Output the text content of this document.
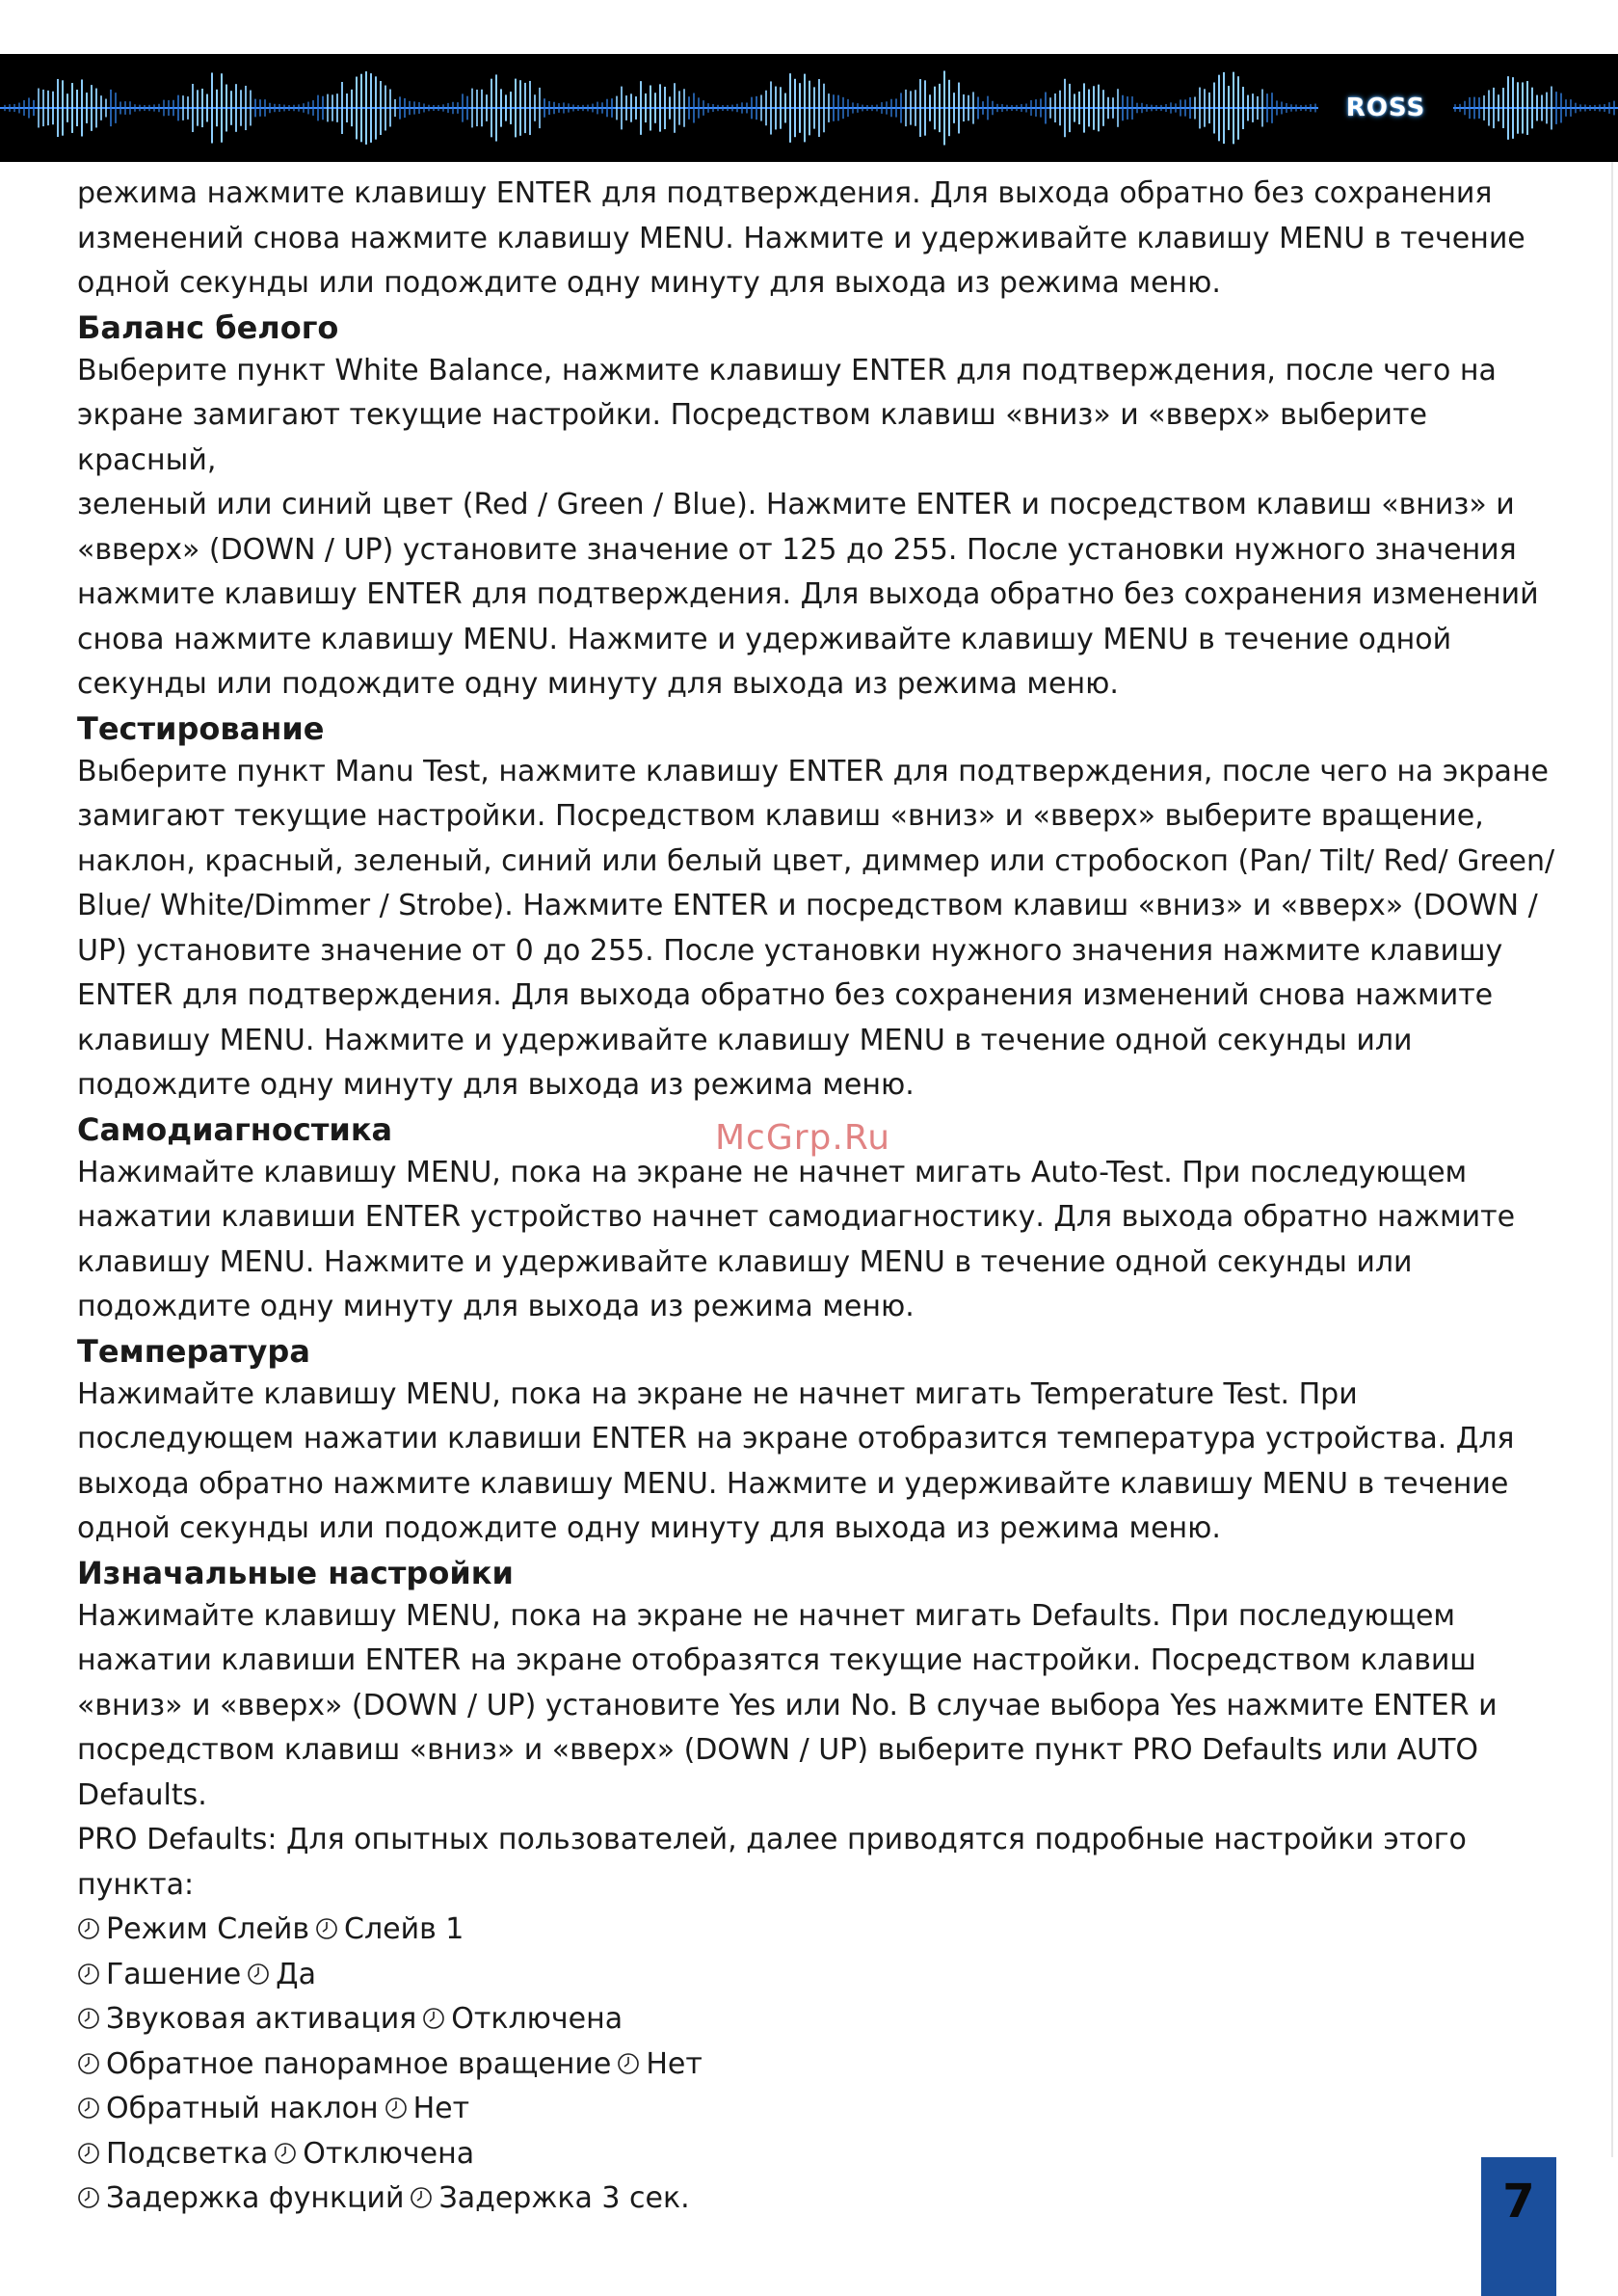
ROSS

режима нажмите клавишу ENTER для подтверждения. Для выхода обратно без сохранения

изменений снова нажмите клавишу MENU. Нажмите и удерживайте клавишу MENU в течение

одной секунды или подождите одну минуту для выхода из режима меню.

Баланс белого

Выберите пункт White Balance, нажмите клавишу ENTER для подтверждения, после чего на

экране замигают текущие настройки. Посредством клавиш «вниз» и «вверх» выберите красный,

зеленый или синий цвет (Red / Green / Blue). Нажмите ENTER и посредством клавиш «вниз» и

«вверх» (DOWN / UP) установите значение от 125 до 255. После установки нужного значения

нажмите клавишу ENTER для подтверждения. Для выхода обратно без сохранения изменений

снова нажмите клавишу MENU. Нажмите и удерживайте клавишу MENU в течение одной

секунды или подождите одну минуту для выхода из режима меню.

Тестирование

Выберите пункт Manu Test, нажмите клавишу ENTER для подтверждения, после чего на экране

замигают текущие настройки. Посредством клавиш «вниз» и «вверх» выберите вращение,

наклон, красный, зеленый, синий или белый цвет, диммер или стробоскоп (Pan/ Tilt/ Red/ Green/

Blue/ White/Dimmer / Strobe). Нажмите ENTER и посредством клавиш «вниз» и «вверх» (DOWN /

UP) установите значение от 0 до 255. После установки нужного значения нажмите клавишу

ENTER для подтверждения. Для выхода обратно без сохранения изменений снова нажмите

клавишу MENU. Нажмите и удерживайте клавишу MENU в течение одной секунды или

подождите одну минуту для выхода из режима меню.

Самодиагностика

Нажимайте клавишу MENU, пока на экране не начнет мигать Auto-Test. При последующем

нажатии клавиши ENTER устройство начнет самодиагностику. Для выхода обратно нажмите

клавишу MENU. Нажмите и удерживайте клавишу MENU в течение одной секунды или

подождите одну минуту для выхода из режима меню.

Температура

Нажимайте клавишу MENU, пока на экране не начнет мигать Temperature Test. При

последующем нажатии клавиши ENTER на экране отобразится температура устройства. Для

выхода обратно нажмите клавишу MENU. Нажмите и удерживайте клавишу MENU в течение

одной секунды или подождите одну минуту для выхода из режима меню.

Изначальные настройки

Нажимайте клавишу MENU, пока на экране не начнет мигать Defaults. При последующем

нажатии клавиши ENTER на экране отобразятся текущие настройки. Посредством клавиш

«вниз» и «вверх» (DOWN / UP) установите Yes или No. В случае выбора Yes нажмите ENTER и

посредством клавиш «вниз» и «вверх» (DOWN / UP) выберите пункт PRO Defaults или AUTO

Defaults.

PRO Defaults: Для опытных пользователей, далее приводятся подробные настройки этого

пункта:

Режим Слейв Слейв 1
Гашение Да
Звуковая активация Отключена
Обратное панорамное вращение Нет
Обратный наклон Нет
Подсветка Отключена
Задержка функций Задержка 3 сек.
McGrp.Ru
7
